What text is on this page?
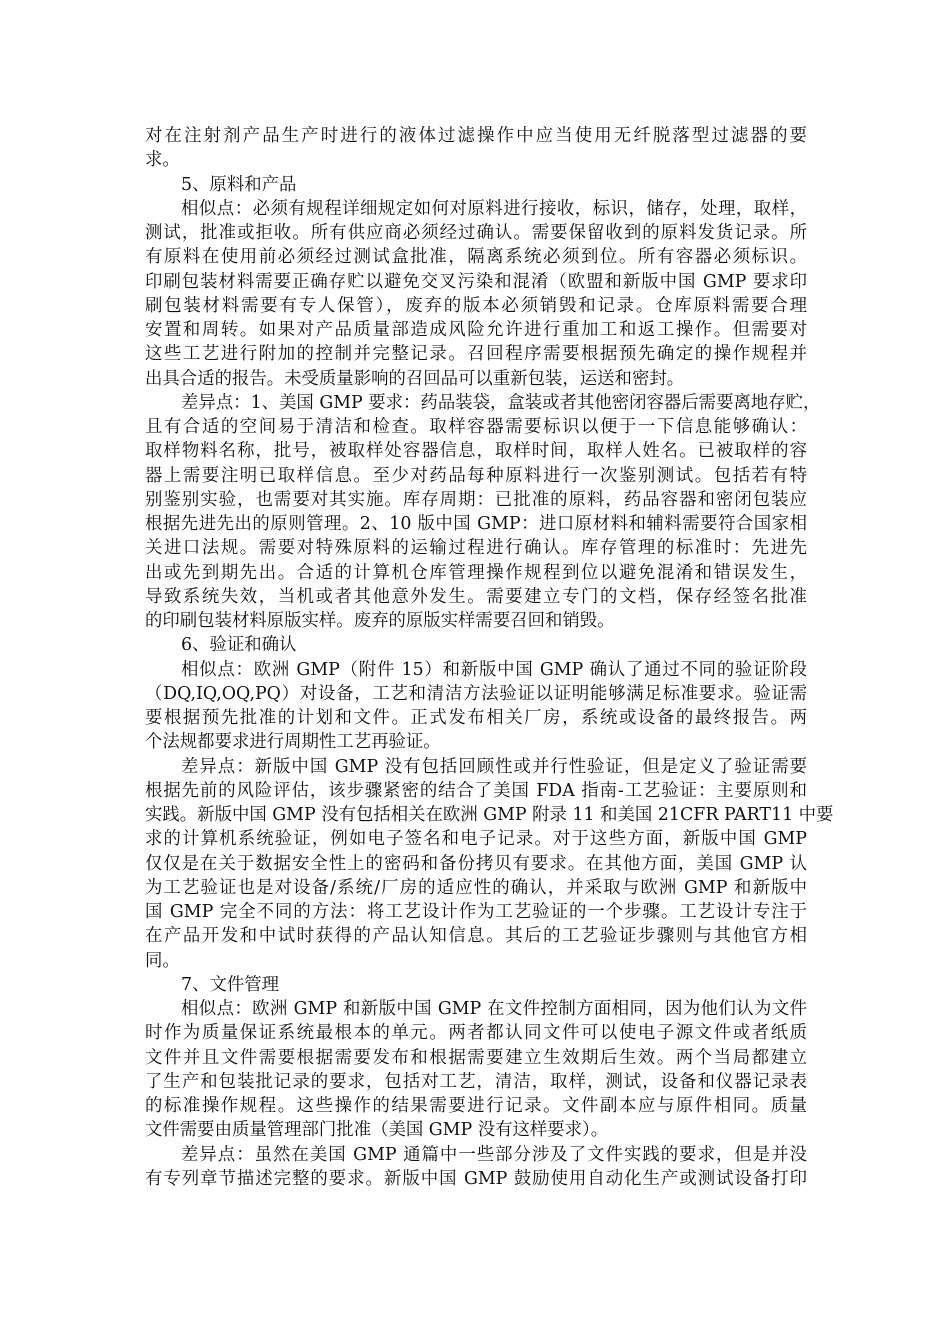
对在注射剂产品生产时进行的液体过滤操作中应当使用无纤脱落型过滤器的要
求。
5、原料和产品
相似点：必须有规程详细规定如何对原料进行接收，标识，储存，处理，取样，
测试，批准或拒收。所有供应商必须经过确认。需要保留收到的原料发货记录。所
有原料在使用前必须经过测试盒批准，隔离系统必须到位。所有容器必须标识。
印刷包装材料需要正确存贮以避免交叉污染和混淆（欧盟和新版中国 GMP 要求印
刷包装材料需要有专人保管），废弃的版本必须销毁和记录。仓库原料需要合理
安置和周转。如果对产品质量部造成风险允许进行重加工和返工操作。但需要对
这些工艺进行附加的控制并完整记录。召回程序需要根据预先确定的操作规程并
出具合适的报告。未受质量影响的召回品可以重新包装，运送和密封。
差异点：1、美国 GMP 要求：药品装袋，盒装或者其他密闭容器后需要离地存贮，
且有合适的空间易于清洁和检查。取样容器需要标识以便于一下信息能够确认：
取样物料名称，批号，被取样处容器信息，取样时间，取样人姓名。已被取样的容
器上需要注明已取样信息。至少对药品每种原料进行一次鉴别测试。包括若有特
别鉴别实验，也需要对其实施。库存周期：已批准的原料，药品容器和密闭包装应
根据先进先出的原则管理。2、10 版中国 GMP：进口原材料和辅料需要符合国家相
关进口法规。需要对特殊原料的运输过程进行确认。库存管理的标准时：先进先
出或先到期先出。合适的计算机仓库管理操作规程到位以避免混淆和错误发生，
导致系统失效，当机或者其他意外发生。需要建立专门的文档，保存经签名批准
的印刷包装材料原版实样。废弃的原版实样需要召回和销毁。
6、验证和确认
相似点：欧洲 GMP（附件 15）和新版中国 GMP 确认了通过不同的验证阶段
（DQ,IQ,OQ,PQ）对设备，工艺和清洁方法验证以证明能够满足标准要求。验证需
要根据预先批准的计划和文件。正式发布相关厂房，系统或设备的最终报告。两
个法规都要求进行周期性工艺再验证。
差异点：新版中国 GMP 没有包括回顾性或并行性验证，但是定义了验证需要
根据先前的风险评估，该步骤紧密的结合了美国 FDA 指南-工艺验证：主要原则和
实践。新版中国 GMP 没有包括相关在欧洲 GMP 附录 11 和美国 21CFR PART11 中要
求的计算机系统验证，例如电子签名和电子记录。对于这些方面，新版中国 GMP
仅仅是在关于数据安全性上的密码和备份拷贝有要求。在其他方面，美国 GMP 认
为工艺验证也是对设备/系统/厂房的适应性的确认，并采取与欧洲 GMP 和新版中
国 GMP 完全不同的方法：将工艺设计作为工艺验证的一个步骤。工艺设计专注于
在产品开发和中试时获得的产品认知信息。其后的工艺验证步骤则与其他官方相
同。
7、文件管理
相似点：欧洲 GMP 和新版中国 GMP 在文件控制方面相同，因为他们认为文件
时作为质量保证系统最根本的单元。两者都认同文件可以使电子源文件或者纸质
文件并且文件需要根据需要发布和根据需要建立生效期后生效。两个当局都建立
了生产和包装批记录的要求，包括对工艺，清洁，取样，测试，设备和仪器记录表
的标准操作规程。这些操作的结果需要进行记录。文件副本应与原件相同。质量
文件需要由质量管理部门批准（美国 GMP 没有这样要求）。
差异点：虽然在美国 GMP 通篇中一些部分涉及了文件实践的要求，但是并没
有专列章节描述完整的要求。新版中国 GMP 鼓励使用自动化生产或测试设备打印
